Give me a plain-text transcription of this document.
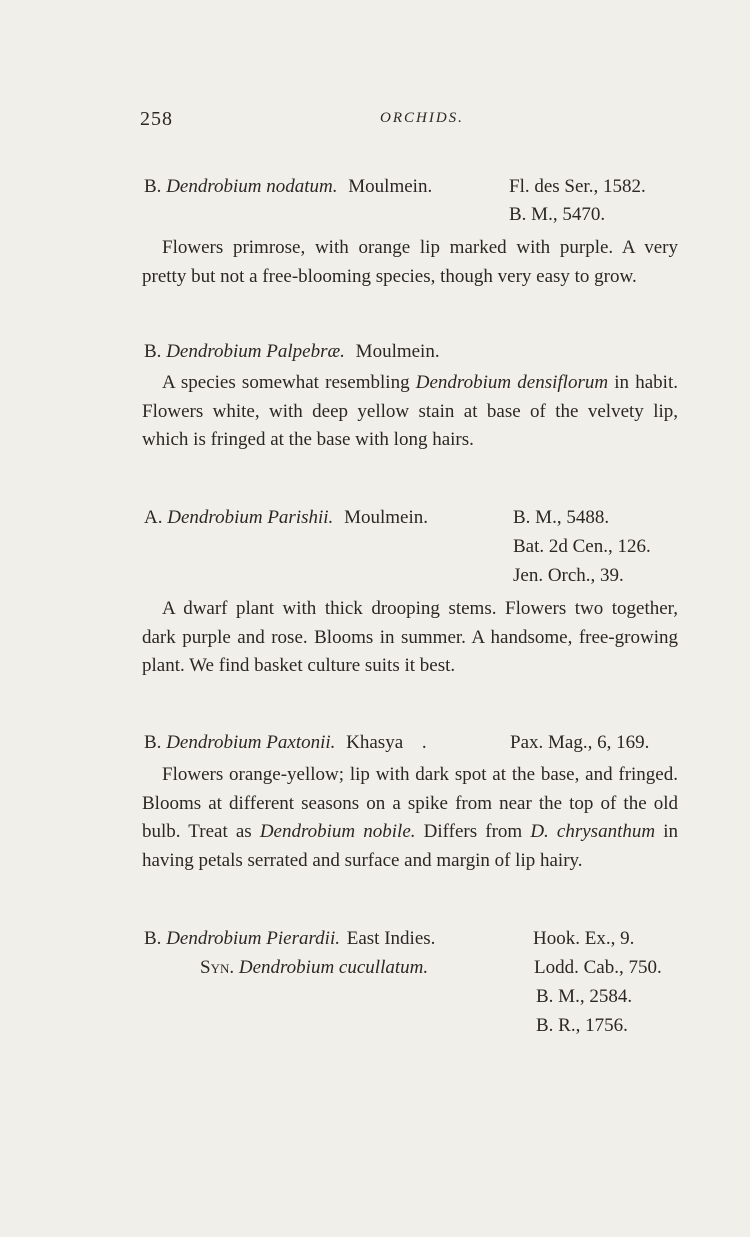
258	ORCHIDS.
B. Dendrobium nodatum. Moulmein.	Fl. des Ser., 1582.
B. M., 5470.
Flowers primrose, with orange lip marked with purple. A very pretty but not a free-blooming species, though very easy to grow.
B. Dendrobium Palpebræ. Moulmein.
A species somewhat resembling Dendrobium densiflorum in habit. Flowers white, with deep yellow stain at base of the velvety lip, which is fringed at the base with long hairs.
A. Dendrobium Parishii. Moulmein.	B. M., 5488.
Bat. 2d Cen., 126.
Jen. Orch., 39.
A dwarf plant with thick drooping stems. Flowers two together, dark purple and rose. Blooms in summer. A handsome, free-growing plant. We find basket culture suits it best.
B. Dendrobium Paxtonii. Khasya .	Pax. Mag., 6, 169.
Flowers orange-yellow; lip with dark spot at the base, and fringed. Blooms at different seasons on a spike from near the top of the old bulb. Treat as Dendrobium nobile. Differs from D. chrysanthum in having petals serrated and surface and margin of lip hairy.
B. Dendrobium Pierardii. East Indies.	Hook. Ex., 9.
Syn. Dendrobium cucullatum.	Lodd. Cab., 750.
B. M., 2584.
B. R., 1756.
